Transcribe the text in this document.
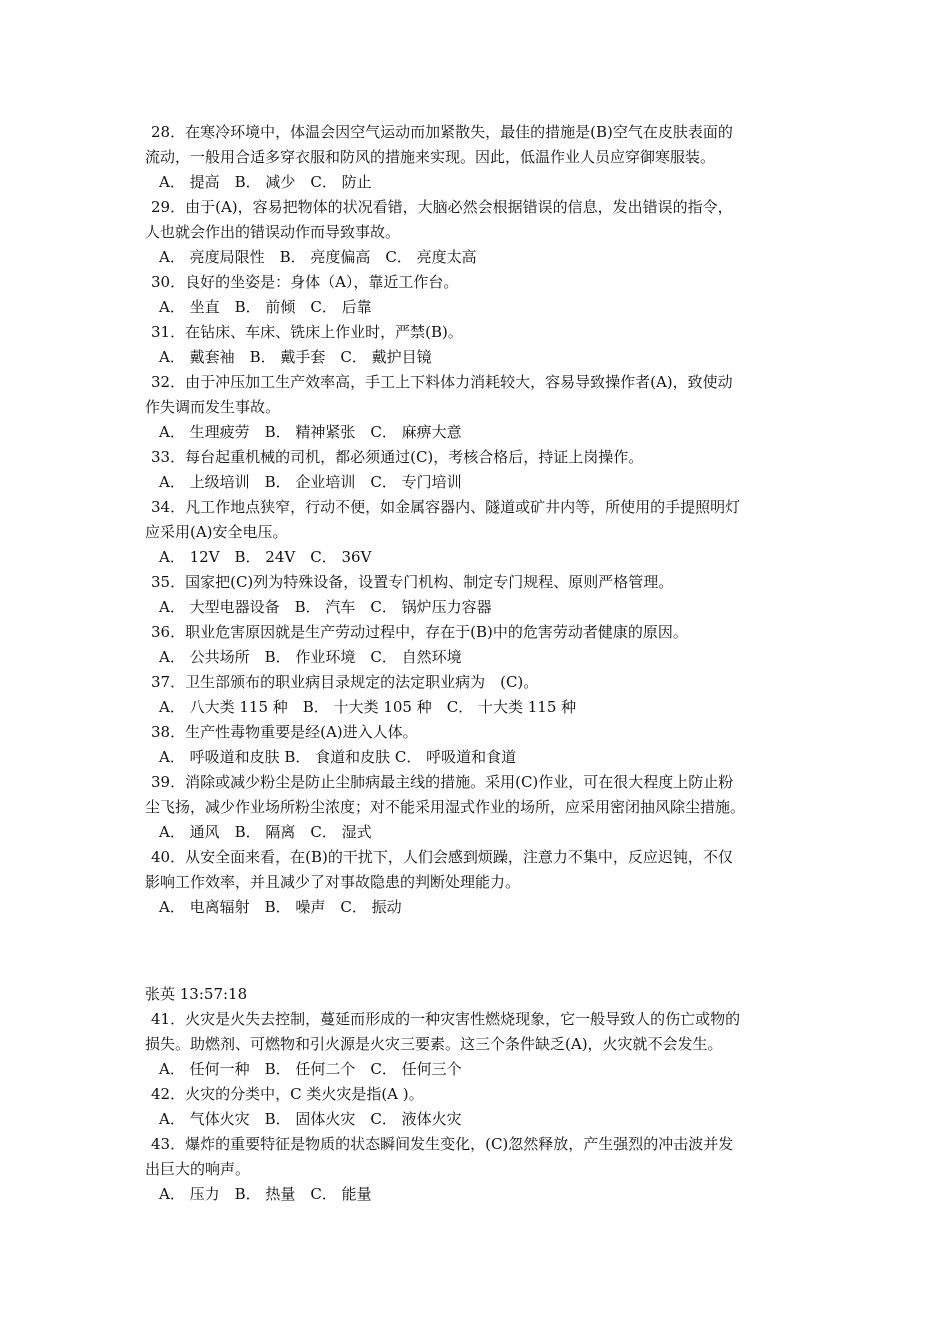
28．在寒冷环境中，体温会因空气运动而加紧散失，最佳的措施是(B)空气在皮肤表面的
流动，一般用合适多穿衣服和防风的措施来实现。因此，低温作业人员应穿御寒服装。
A． 提高　B． 减少　C． 防止
29．由于(A)，容易把物体的状况看错，大脑必然会根据错误的信息，发出错误的指令，
人也就会作出的错误动作而导致事故。
A． 亮度局限性　B． 亮度偏高　C． 亮度太高
30．良好的坐姿是：身体（A），靠近工作台。
A． 坐直　B． 前倾　C． 后靠
31．在钻床、车床、铣床上作业时，严禁(B)。
A． 戴套袖　B． 戴手套　C． 戴护目镜
32．由于冲压加工生产效率高，手工上下料体力消耗较大，容易导致操作者(A)，致使动
作失调而发生事故。
A． 生理疲劳　B． 精神紧张　C． 麻痹大意
33．每台起重机械的司机，都必须通过(C)，考核合格后，持证上岗操作。
A． 上级培训　B． 企业培训　C． 专门培训
34．凡工作地点狭窄，行动不便，如金属容器内、隧道或矿井内等，所使用的手提照明灯
应采用(A)安全电压。
A． 12V　B． 24V　C． 36V
35．国家把(C)列为特殊设备，设置专门机构、制定专门规程、原则严格管理。
A． 大型电器设备　B． 汽车　C． 锅炉压力容器
36．职业危害原因就是生产劳动过程中，存在于(B)中的危害劳动者健康的原因。
A． 公共场所　B． 作业环境　C． 自然环境
37．卫生部颁布的职业病目录规定的法定职业病为　(C)。
A． 八大类 115 种　B． 十大类 105 种　C． 十大类 115 种
38．生产性毒物重要是经(A)进入人体。
A． 呼吸道和皮肤 B． 食道和皮肤 C． 呼吸道和食道
39．消除或减少粉尘是防止尘肺病最主线的措施。采用(C)作业，可在很大程度上防止粉
尘飞扬，减少作业场所粉尘浓度；对不能采用湿式作业的场所，应采用密闭抽风除尘措施。
A． 通风　B． 隔离　C． 湿式
40．从安全面来看，在(B)的干扰下，人们会感到烦躁，注意力不集中，反应迟钝，不仅
影响工作效率，并且减少了对事故隐患的判断处理能力。
A． 电离辐射　B． 噪声　C． 振动
张英 13:57:18
41．火灾是火失去控制，蔓延而形成的一种灾害性燃烧现象，它一般导致人的伤亡或物的
损失。助燃剂、可燃物和引火源是火灾三要素。这三个条件缺乏(A)，火灾就不会发生。
A． 任何一种　B． 任何二个　C． 任何三个
42．火灾的分类中，C 类火灾是指(A )。
A． 气体火灾　B． 固体火灾　C． 液体火灾
43．爆炸的重要特征是物质的状态瞬间发生变化，(C)忽然释放，产生强烈的冲击波并发
出巨大的响声。
A． 压力　B． 热量　C． 能量
